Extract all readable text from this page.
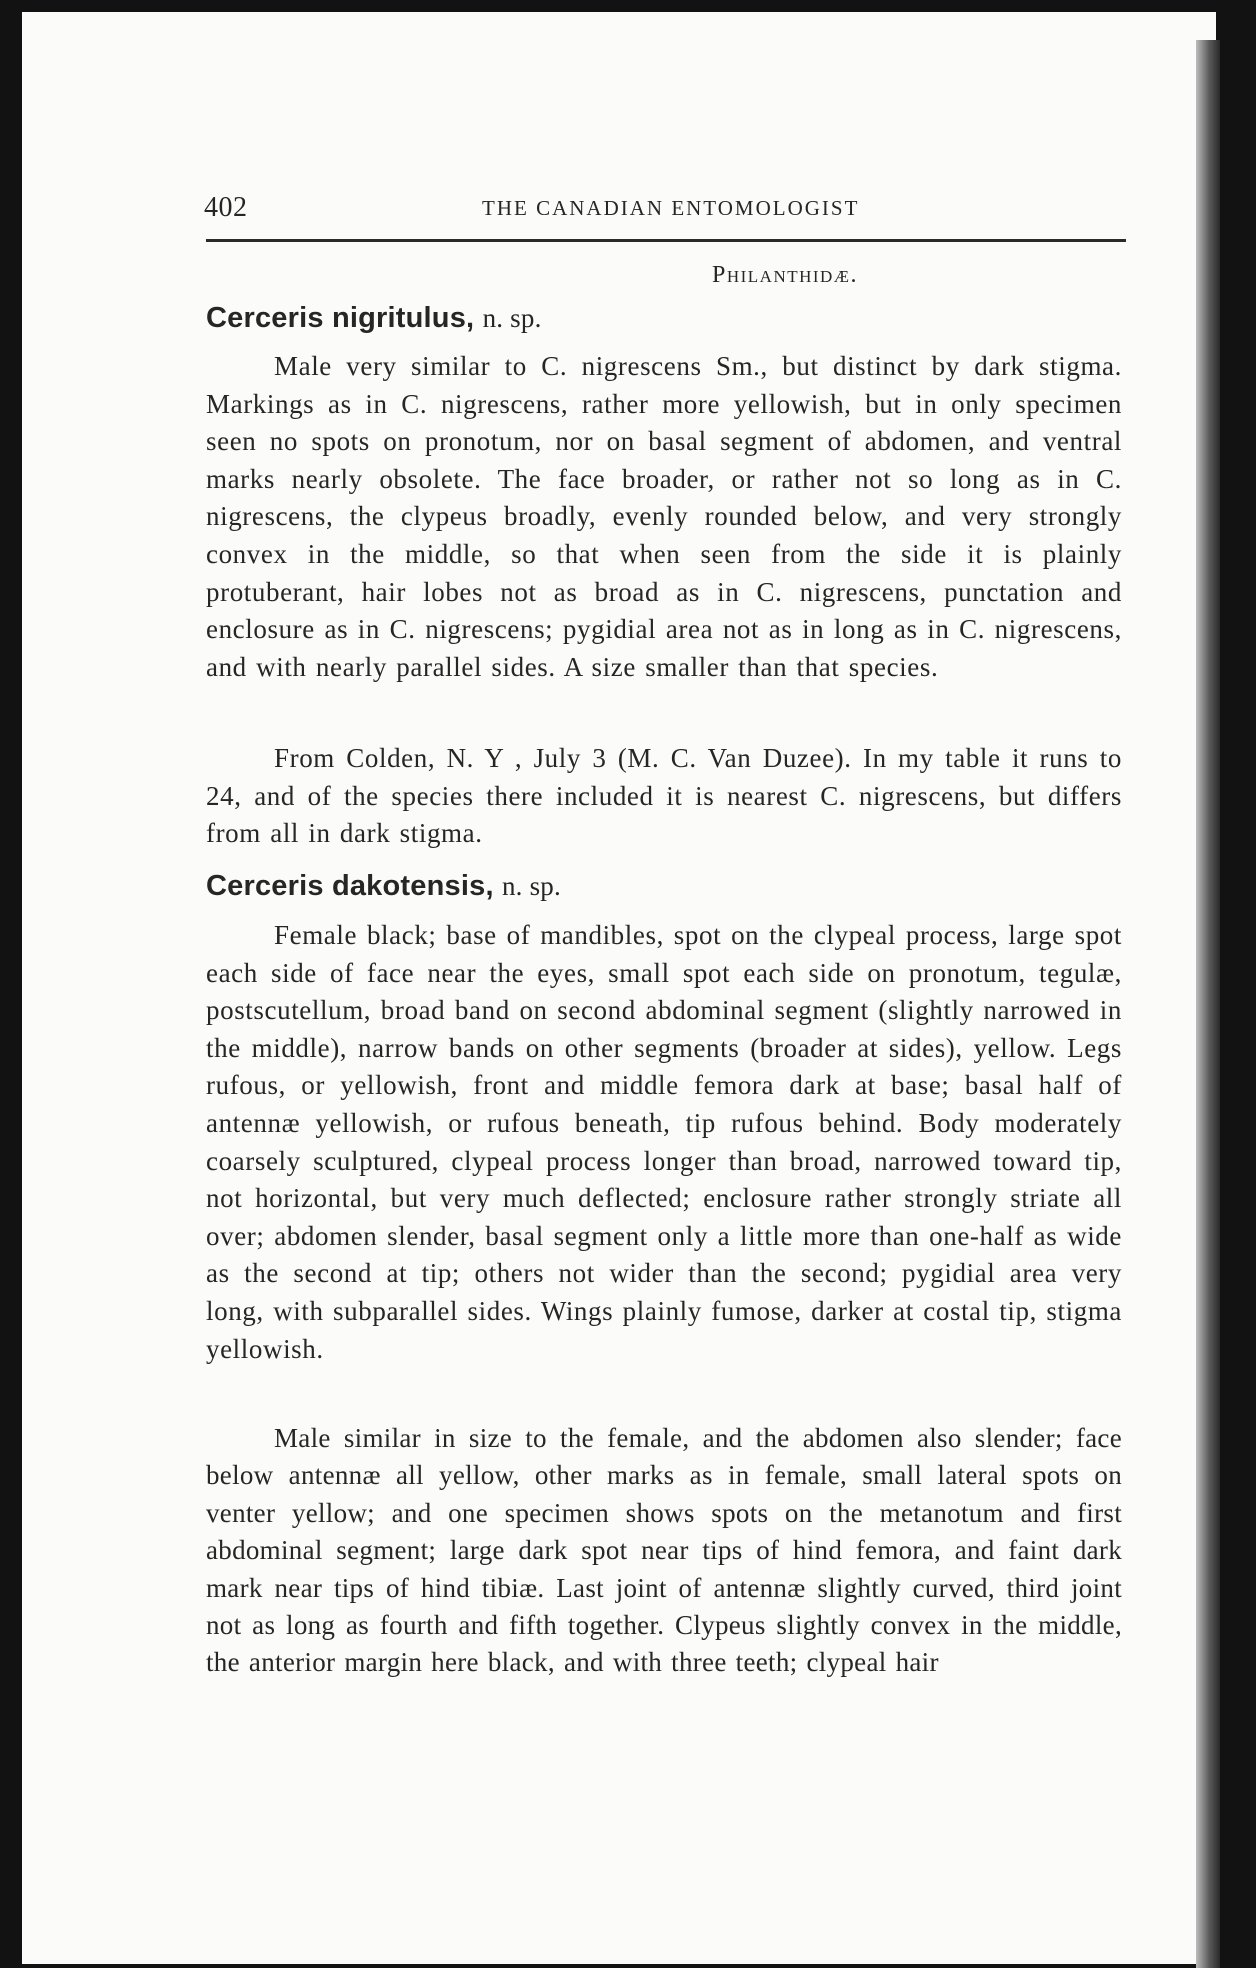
402	THE CANADIAN ENTOMOLOGIST
Philanthidæ.
Cerceris nigritulus, n. sp.

Male very similar to C. nigrescens Sm., but distinct by dark stigma. Markings as in C. nigrescens, rather more yellowish, but in only specimen seen no spots on pronotum, nor on basal segment of abdomen, and ventral marks nearly obsolete. The face broader, or rather not so long as in C. nigrescens, the clypeus broadly, evenly rounded below, and very strongly convex in the middle, so that when seen from the side it is plainly protuberant, hair lobes not as broad as in C. nigrescens, punctation and enclosure as in C. nigrescens; pygidial area not as in long as in C. nigrescens, and with nearly parallel sides. A size smaller than that species.

From Colden, N. Y , July 3 (M. C. Van Duzee). In my table it runs to 24, and of the species there included it is nearest C. nigrescens, but differs from all in dark stigma.

Cerceris dakotensis, n. sp.

Female black; base of mandibles, spot on the clypeal process, large spot each side of face near the eyes, small spot each side on pronotum, tegulæ, postscutellum, broad band on second abdominal segment (slightly narrowed in the middle), narrow bands on other segments (broader at sides), yellow. Legs rufous, or yellowish, front and middle femora dark at base; basal half of antennæ yellowish, or rufous beneath, tip rufous behind. Body moderately coarsely sculptured, clypeal process longer than broad, narrowed toward tip, not horizontal, but very much deflected; enclosure rather strongly striate all over; abdomen slender, basal segment only a little more than one-half as wide as the second at tip; others not wider than the second; pygidial area very long, with subparallel sides. Wings plainly fumose, darker at costal tip, stigma yellowish.

Male similar in size to the female, and the abdomen also slender; face below antennæ all yellow, other marks as in female, small lateral spots on venter yellow; and one specimen shows spots on the metanotum and first abdominal segment; large dark spot near tips of hind femora, and faint dark mark near tips of hind tibiæ. Last joint of antennæ slightly curved, third joint not as long as fourth and fifth together. Clypeus slightly convex in the middle, the anterior margin here black, and with three teeth; clypeal hair
